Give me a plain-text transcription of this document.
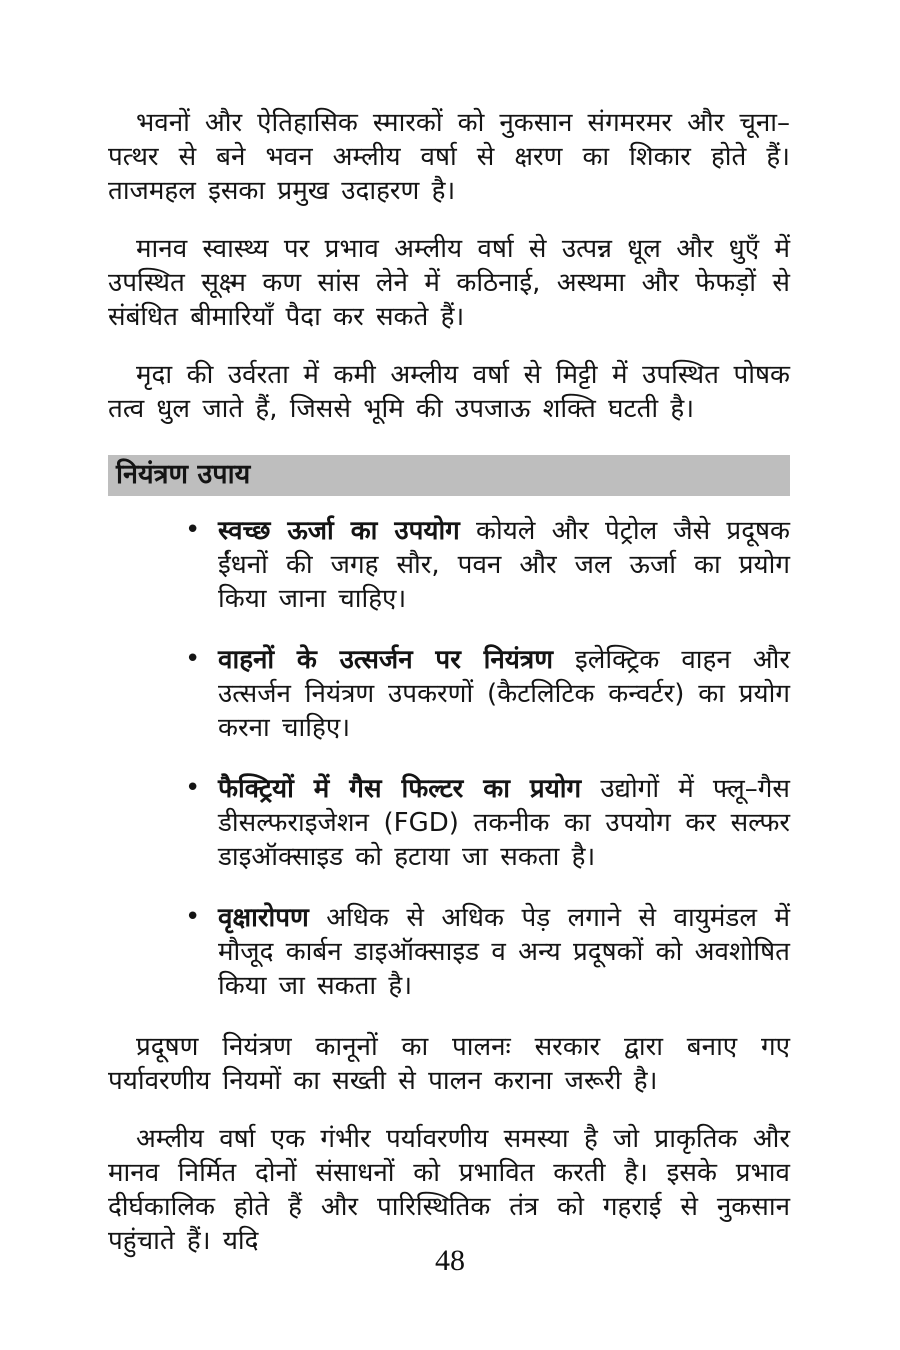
भवनों और ऐतिहासिक स्मारकों को नुकसान संगमरमर और चूना–पत्थर से बने भवन अम्लीय वर्षा से क्षरण का शिकार होते हैं। ताजमहल इसका प्रमुख उदाहरण है।

मानव स्वास्थ्य पर प्रभाव अम्लीय वर्षा से उत्पन्न धूल और धुएँ में उपस्थित सूक्ष्म कण सांस लेने में कठिनाई, अस्थमा और फेफड़ों से संबंधित बीमारियाँ पैदा कर सकते हैं।

मृदा की उर्वरता में कमी अम्लीय वर्षा से मिट्टी में उपस्थित पोषक तत्व धुल जाते हैं, जिससे भूमि की उपजाऊ शक्ति घटती है।

नियंत्रण उपाय
• स्वच्छ ऊर्जा का उपयोग कोयले और पेट्रोल जैसे प्रदूषक ईंधनों की जगह सौर, पवन और जल ऊर्जा का प्रयोग किया जाना चाहिए।
• वाहनों के उत्सर्जन पर नियंत्रण इलेक्ट्रिक वाहन और उत्सर्जन नियंत्रण उपकरणों (कैटलिटिक कन्वर्टर) का प्रयोग करना चाहिए।
• फैक्ट्रियों में गैस फिल्टर का प्रयोग उद्योगों में फ्लू–गैस डीसल्फराइजेशन (FGD) तकनीक का उपयोग कर सल्फर डाइऑक्साइड को हटाया जा सकता है।
• वृक्षारोपण अधिक से अधिक पेड़ लगाने से वायुमंडल में मौजूद कार्बन डाइऑक्साइड व अन्य प्रदूषकों को अवशोषित किया जा सकता है।

प्रदूषण नियंत्रण कानूनों का पालनः सरकार द्वारा बनाए गए पर्यावरणीय नियमों का सख्ती से पालन कराना जरूरी है।

अम्लीय वर्षा एक गंभीर पर्यावरणीय समस्या है जो प्राकृतिक और मानव निर्मित दोनों संसाधनों को प्रभावित करती है। इसके प्रभाव दीर्घकालिक होते हैं और पारिस्थितिक तंत्र को गहराई से नुकसान पहुंचाते हैं। यदि

48
